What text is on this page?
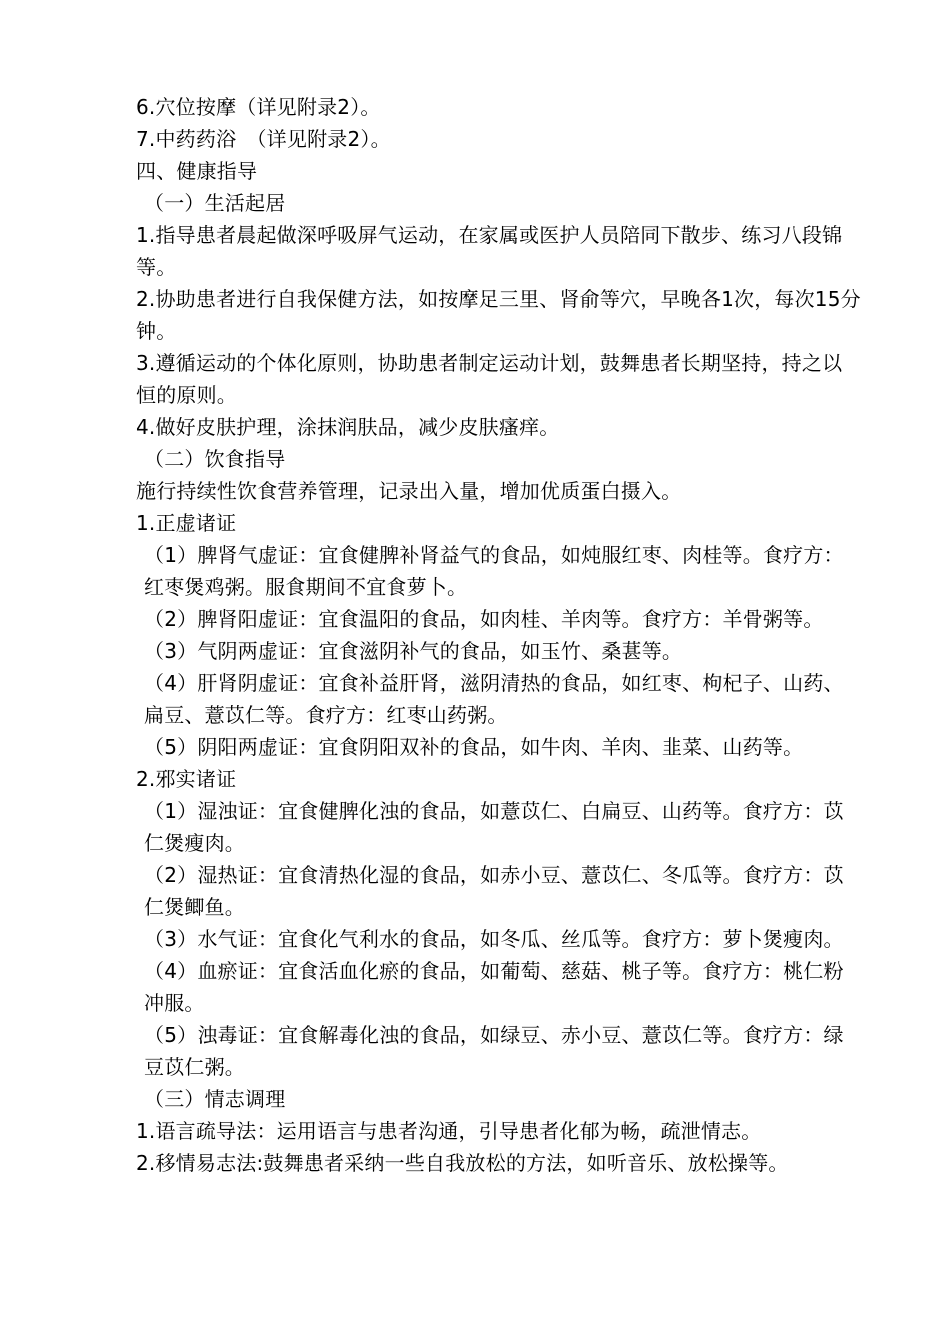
6.穴位按摩（详见附录2）。
7.中药药浴　（详见附录2）。
四、健康指导
（一）生活起居
1.指导患者晨起做深呼吸屏气运动，在家属或医护人员陪同下散步、练习八段锦等。
2.协助患者进行自我保健方法，如按摩足三里、肾俞等穴，早晚各1次，每次15分钟。
3.遵循运动的个体化原则，协助患者制定运动计划，鼓舞患者长期坚持，持之以恒的原则。
4.做好皮肤护理，涂抹润肤品，减少皮肤瘙痒。
（二）饮食指导
施行持续性饮食营养管理，记录出入量，增加优质蛋白摄入。
1.正虚诸证
（1）脾肾气虚证：宜食健脾补肾益气的食品，如炖服红枣、肉桂等。食疗方：红枣煲鸡粥。服食期间不宜食萝卜。
（2）脾肾阳虚证：宜食温阳的食品，如肉桂、羊肉等。食疗方：羊骨粥等。
（3）气阴两虚证：宜食滋阴补气的食品，如玉竹、桑葚等。
（4）肝肾阴虚证：宜食补益肝肾，滋阴清热的食品，如红枣、枸杞子、山药、扁豆、薏苡仁等。食疗方：红枣山药粥。
（5）阴阳两虚证：宜食阴阳双补的食品，如牛肉、羊肉、韭菜、山药等。
2.邪实诸证
（1）湿浊证：宜食健脾化浊的食品，如薏苡仁、白扁豆、山药等。食疗方：苡仁煲瘦肉。
（2）湿热证：宜食清热化湿的食品，如赤小豆、薏苡仁、冬瓜等。食疗方：苡仁煲鲫鱼。
（3）水气证：宜食化气利水的食品，如冬瓜、丝瓜等。食疗方：萝卜煲瘦肉。
（4）血瘀证：宜食活血化瘀的食品，如葡萄、慈菇、桃子等。食疗方：桃仁粉冲服。
（5）浊毒证：宜食解毒化浊的食品，如绿豆、赤小豆、薏苡仁等。食疗方：绿豆苡仁粥。
（三）情志调理
1.语言疏导法：运用语言与患者沟通，引导患者化郁为畅，疏泄情志。
2.移情易志法:鼓舞患者采纳一些自我放松的方法，如听音乐、放松操等。
